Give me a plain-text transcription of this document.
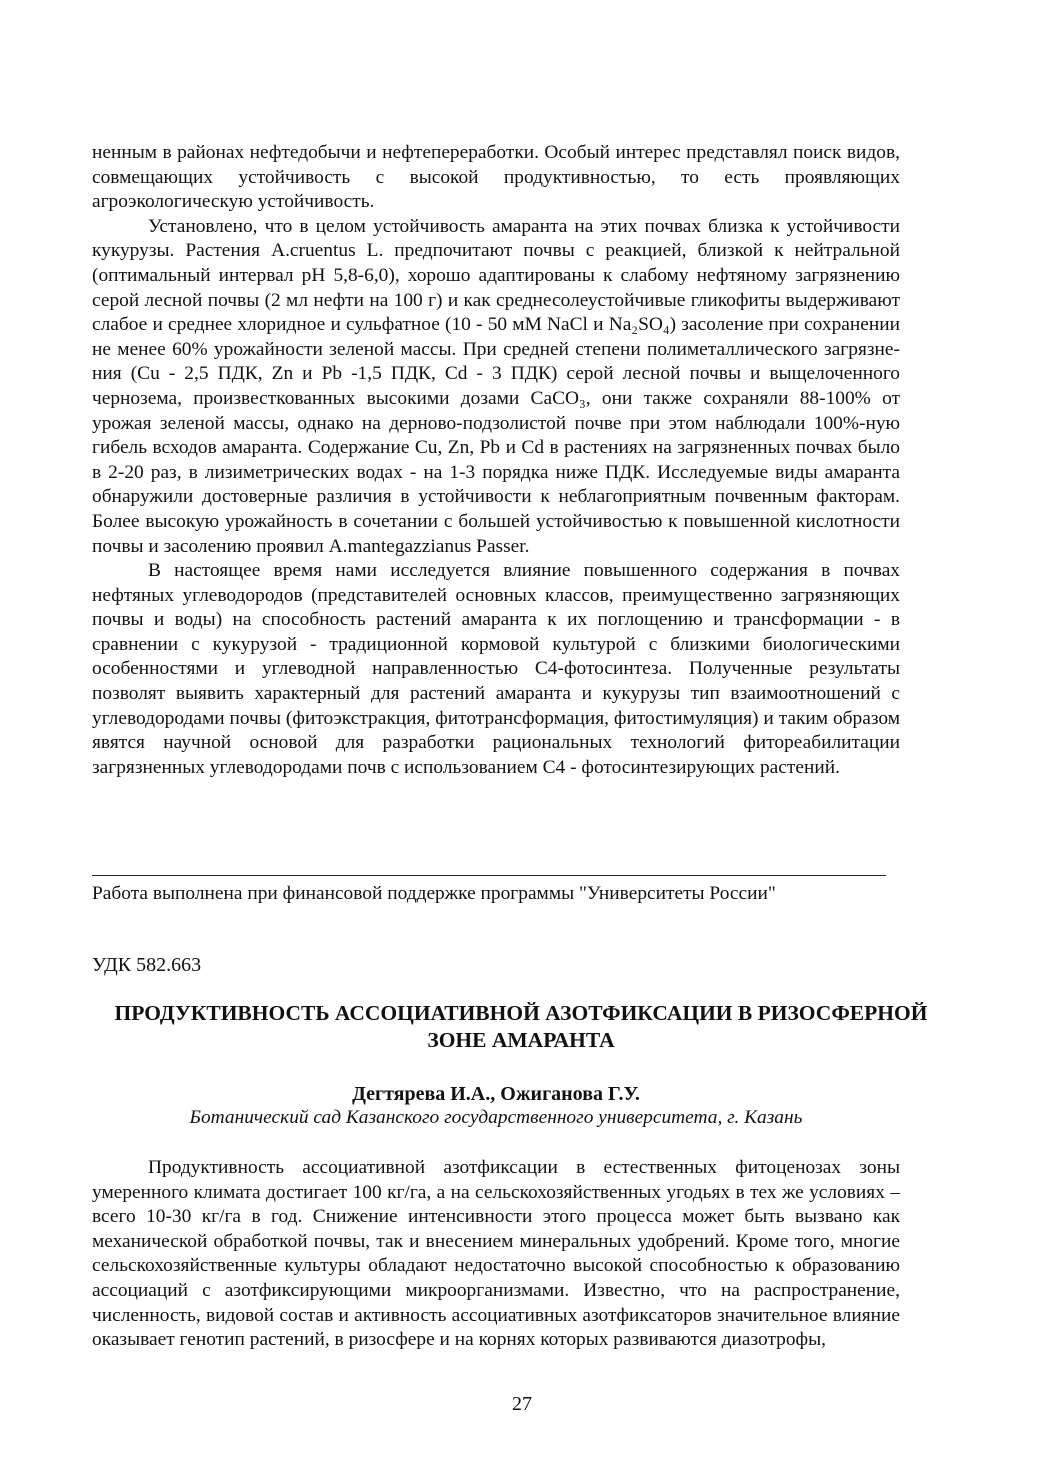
ненным в районах нефтедобычи и нефтепереработки. Особый интерес представлял поиск видов, совмещающих устойчивость с высокой продуктивностью, то есть проявляющих агроэкологическую устойчивость.

Установлено, что в целом устойчивость амаранта на этих почвах близка к устойчивости кукурузы. Растения A.cruentus L. предпочитают почвы с реакцией, близкой к нейтральной (оптимальный интервал pH 5,8-6,0), хорошо адаптированы к слабому нефтяному загрязнению серой лесной почвы (2 мл нефти на 100 г) и как среднесолеустойчивые гликофиты выдерживают слабое и среднее хлоридное и сульфатное (10 - 50 мМ NaCl и Na₂SO₄) засоление при сохранении не менее 60% урожайности зеленой массы. При средней степени полиметаллического загрязнения (Cu - 2,5 ПДК, Zn и Pb -1,5 ПДК, Cd - 3 ПДК) серой лесной почвы и выщелоченного чернозема, произвесткованных высокими дозами CaCO₃, они также сохраняли 88-100% от урожая зеленой массы, однако на дерново-подзолистой почве при этом наблюдали 100%-ную гибель всходов амаранта. Содержание Cu, Zn, Pb и Cd в растениях на загрязненных почвах было в 2-20 раз, в лизиметрических водах - на 1-3 порядка ниже ПДК. Исследуемые виды амаранта обнаружили достоверные различия в устойчивости к неблагоприятным почвенным факторам. Более высокую урожайность в сочетании с большей устойчивостью к повышенной кислотности почвы и засолению проявил A.mantegazzianus Passer.

В настоящее время нами исследуется влияние повышенного содержания в почвах нефтяных углеводородов (представителей основных классов, преимущественно загрязняющих почвы и воды) на способность растений амаранта к их поглощению и трансформации - в сравнении с кукурузой - традиционной кормовой культурой с близкими биологическими особенностями и углеводной направленностью C4-фотосинтеза. Полученные результаты позволят выявить характерный для растений амаранта и кукурузы тип взаимоотношений с углеводородами почвы (фитоэкстракция, фитотрансформация, фитостимуляция) и таким образом явятся научной основой для разработки рациональных технологий фитореабилитации загрязненных углеводородами почв с использованием C4 - фотосинтезирующих растений.

Работа выполнена при финансовой поддержке программы "Университеты России"
УДК 582.663

ПРОДУКТИВНОСТЬ АССОЦИАТИВНОЙ АЗОТФИКСАЦИИ В РИЗОСФЕРНОЙ ЗОНЕ АМАРАНТА

Дегтярева И.А., Ожиганова Г.У.
Ботанический сад Казанского государственного университета, г. Казань

Продуктивность ассоциативной азотфиксации в естественных фитоценозах зоны умеренного климата достигает 100 кг/га, а на сельскохозяйственных угодьях в тех же условиях – всего 10-30 кг/га в год. Снижение интенсивности этого процесса может быть вызвано как механической обработкой почвы, так и внесением минеральных удобрений. Кроме того, многие сельскохозяйственные культуры обладают недостаточно высокой способностью к образованию ассоциаций с азотфиксирующими микроорганизмами. Известно, что на распространение, численность, видовой состав и активность ассоциативных азотфиксаторов значительное влияние оказывает генотип растений, в ризосфере и на корнях которых развиваются диазотрофы,

27
